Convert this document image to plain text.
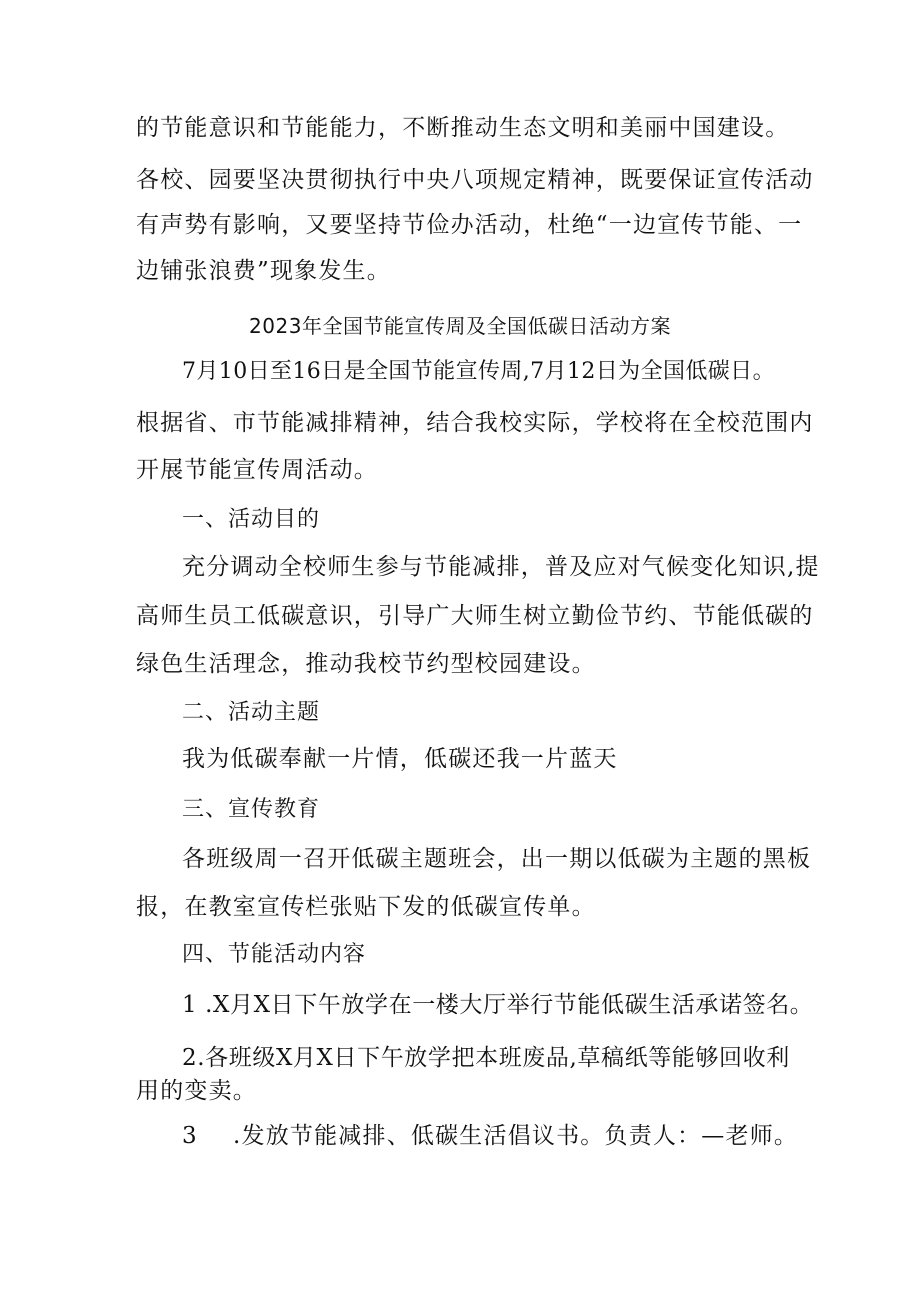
的节能意识和节能能力，不断推动生态文明和美丽中国建设。
各校、园要坚决贯彻执行中央八项规定精神，既要保证宣传活动
有声势有影响，又要坚持节俭办活动，杜绝“一边宣传节能、一
边铺张浪费”现象发生。
2023年全国节能宣传周及全国低碳日活动方案
7月10日至16日是全国节能宣传周,7月12日为全国低碳日。
根据省、市节能减排精神，结合我校实际，学校将在全校范围内
开展节能宣传周活动。
一、活动目的
充分调动全校师生参与节能减排，普及应对气候变化知识,提
高师生员工低碳意识，引导广大师生树立勤俭节约、节能低碳的
绿色生活理念，推动我校节约型校园建设。
二、活动主题
我为低碳奉献一片情，低碳还我一片蓝天
三、宣传教育
各班级周一召开低碳主题班会，出一期以低碳为主题的黑板
报，在教室宣传栏张贴下发的低碳宣传单。
四、节能活动内容
1 .X月X日下午放学在一楼大厅举行节能低碳生活承诺签名。
2.各班级X月X日下午放学把本班废品,草稿纸等能够回收利
用的变卖。
3 .发放节能减排、低碳生活倡议书。负责人：—老师。
